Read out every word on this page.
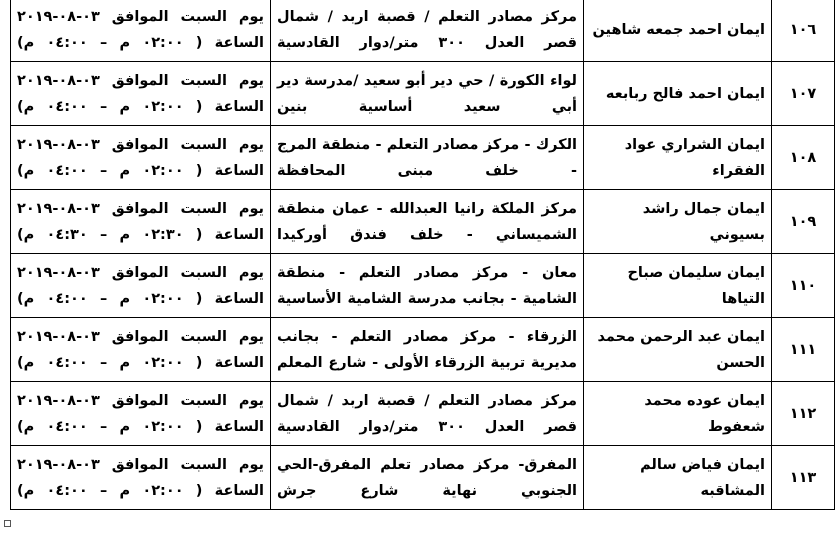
١٠٦	ايمان احمد جمعه شاهين	مركز مصادر التعلم / قصبة اربد / شمال
قصر العدل ٣٠٠ متر/دوار القادسية	يوم السبت الموافق ٠٣-٠٨-٢٠١٩
الساعة ( ٠٢:٠٠ م – ٠٤:٠٠ م)

١٠٧	ايمان احمد فالح ربابعه	لواء الكورة / حي دير أبو سعيد /مدرسة دير
أبي سعيد أساسية بنين	يوم السبت الموافق ٠٣-٠٨-٢٠١٩
الساعة ( ٠٢:٠٠ م – ٠٤:٠٠ م)

١٠٨	ايمان الشراري عواد الفقراء	الكرك - مركز مصادر التعلم - منطقة المرج
- خلف مبنى المحافظة	يوم السبت الموافق ٠٣-٠٨-٢٠١٩
الساعة ( ٠٢:٠٠ م – ٠٤:٠٠ م)

١٠٩	ايمان جمال راشد بسيوني	مركز الملكة رانيا العبدالله - عمان منطقة
الشميساني - خلف فندق أوركيدا	يوم السبت الموافق ٠٣-٠٨-٢٠١٩
الساعة ( ٠٢:٣٠ م – ٠٤:٣٠ م)

١١٠	ايمان سليمان صباح التياها	معان - مركز مصادر التعلم - منطقة
الشامية - بجانب مدرسة الشامية الأساسية	يوم السبت الموافق ٠٣-٠٨-٢٠١٩
الساعة ( ٠٢:٠٠ م – ٠٤:٠٠ م)

١١١	ايمان عبد الرحمن محمد الحسن	الزرقاء - مركز مصادر التعلم - بجانب
مديرية تربية الزرقاء الأولى - شارع المعلم	يوم السبت الموافق ٠٣-٠٨-٢٠١٩
الساعة ( ٠٢:٠٠ م – ٠٤:٠٠ م)

١١٢	ايمان عوده محمد شعفوط	مركز مصادر التعلم / قصبة اربد / شمال
قصر العدل ٣٠٠ متر/دوار القادسية	يوم السبت الموافق ٠٣-٠٨-٢٠١٩
الساعة ( ٠٢:٠٠ م – ٠٤:٠٠ م)

١١٣	ايمان فياض سالم المشاقبه	المفرق- مركز مصادر تعلم المفرق-الحي
الجنوبي نهاية شارع جرش	يوم السبت الموافق ٠٣-٠٨-٢٠١٩
الساعة ( ٠٢:٠٠ م – ٠٤:٠٠ م)
